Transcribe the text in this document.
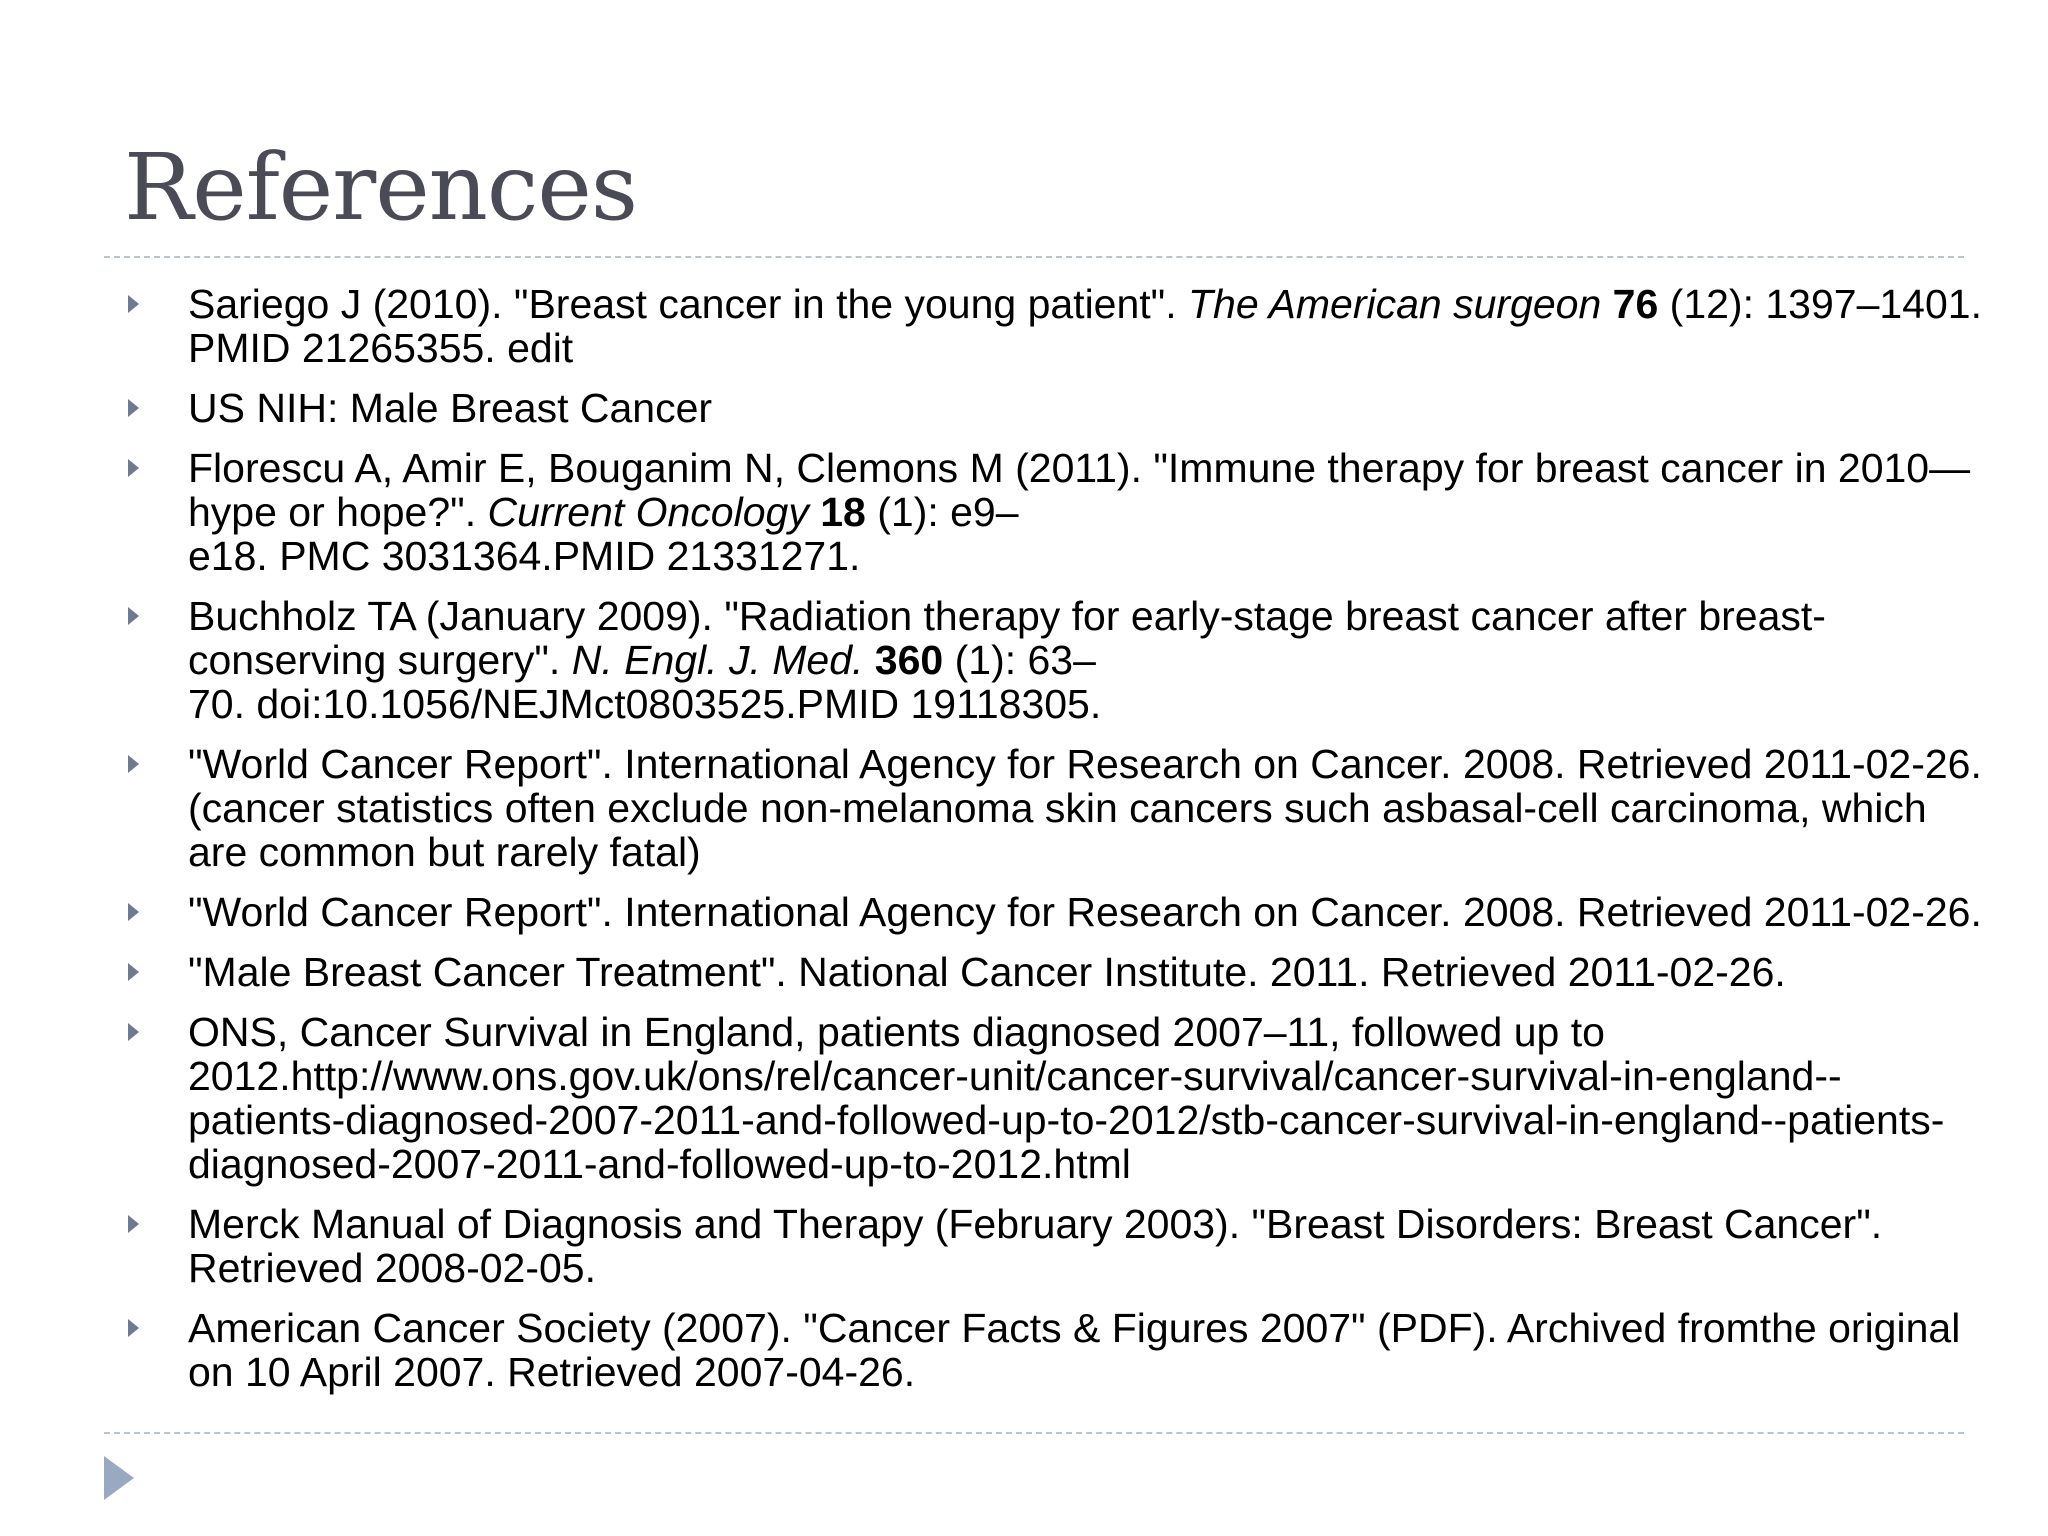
References
Sariego J (2010). "Breast cancer in the young patient". The American surgeon 76 (12): 1397–1401. PMID 21265355. edit
US NIH: Male Breast Cancer
Florescu A, Amir E, Bouganim N, Clemons M (2011). "Immune therapy for breast cancer in 2010—hype or hope?". Current Oncology 18 (1): e9–
e18. PMC 3031364.PMID 21331271.
Buchholz TA (January 2009). "Radiation therapy for early-stage breast cancer after breast-conserving surgery". N. Engl. J. Med. 360 (1): 63–
70. doi:10.1056/NEJMct0803525.PMID 19118305.
"World Cancer Report". International Agency for Research on Cancer. 2008. Retrieved 2011-02-26. (cancer statistics often exclude non-melanoma skin cancers such asbasal-cell carcinoma, which are common but rarely fatal)
"World Cancer Report". International Agency for Research on Cancer. 2008. Retrieved 2011-02-26.
"Male Breast Cancer Treatment". National Cancer Institute. 2011. Retrieved 2011-02-26.
ONS, Cancer Survival in England, patients diagnosed 2007–11, followed up to 2012.http://www.ons.gov.uk/ons/rel/cancer-unit/cancer-survival/cancer-survival-in-england--patients-diagnosed-2007-2011-and-followed-up-to-2012/stb-cancer-survival-in-england--patients-diagnosed-2007-2011-and-followed-up-to-2012.html
Merck Manual of Diagnosis and Therapy (February 2003). "Breast Disorders: Breast Cancer". Retrieved 2008-02-05.
American Cancer Society (2007). "Cancer Facts & Figures 2007" (PDF). Archived fromthe original on 10 April 2007. Retrieved 2007-04-26.
